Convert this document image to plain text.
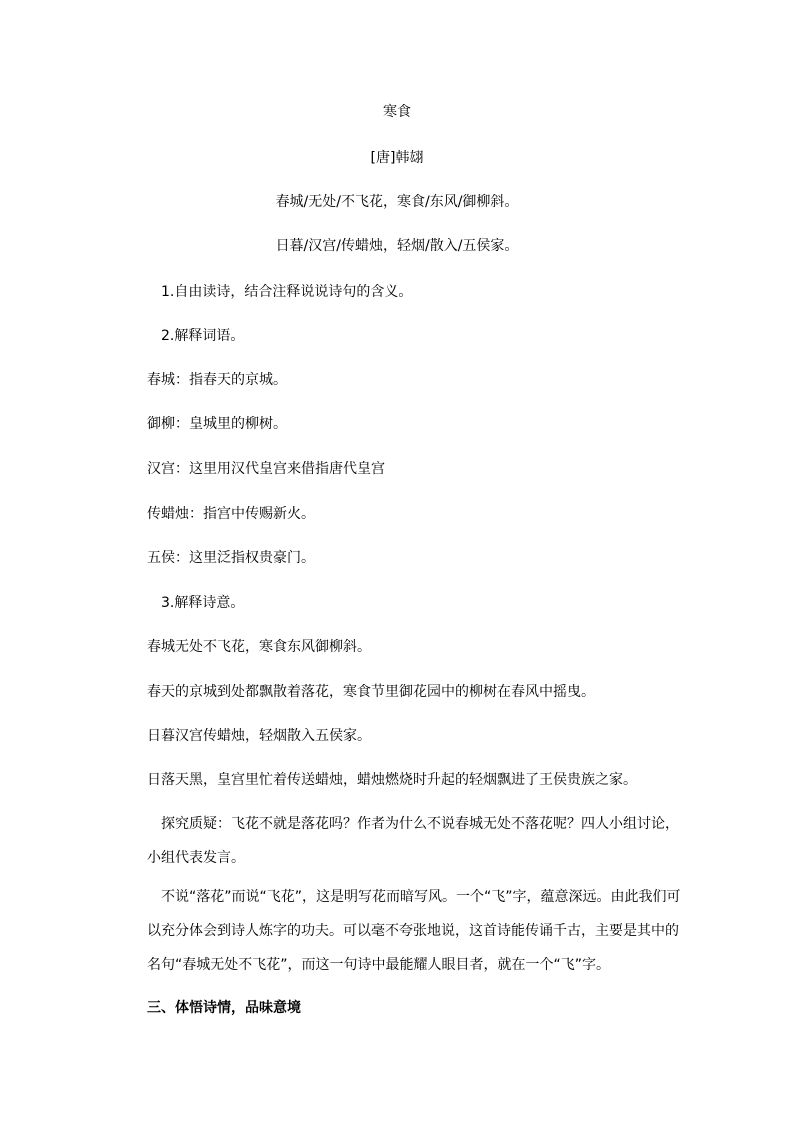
寒食
[唐]韩翃
春城/无处/不飞花，寒食/东风/御柳斜。
日暮/汉宫/传蜡烛，轻烟/散入/五侯家。
1.自由读诗，结合注释说说诗句的含义。
2.解释词语。
春城：指春天的京城。
御柳：皇城里的柳树。
汉宫：这里用汉代皇宫来借指唐代皇宫
传蜡烛：指宫中传赐新火。
五侯：这里泛指权贵豪门。
3.解释诗意。
春城无处不飞花，寒食东风御柳斜。
春天的京城到处都飘散着落花，寒食节里御花园中的柳树在春风中摇曳。
日暮汉宫传蜡烛，轻烟散入五侯家。
日落天黑，皇宫里忙着传送蜡烛，蜡烛燃烧时升起的轻烟飘进了王侯贵族之家。
探究质疑：飞花不就是落花吗？作者为什么不说春城无处不落花呢？四人小组讨论，小组代表发言。
不说“落花”而说“飞花”，这是明写花而暗写风。一个“飞”字，蕴意深远。由此我们可以充分体会到诗人炼字的功夫。可以毫不夸张地说，这首诗能传诵千古，主要是其中的名句“春城无处不飞花”，而这一句诗中最能耀人眼目者，就在一个“飞”字。
三、体悟诗情，品味意境
